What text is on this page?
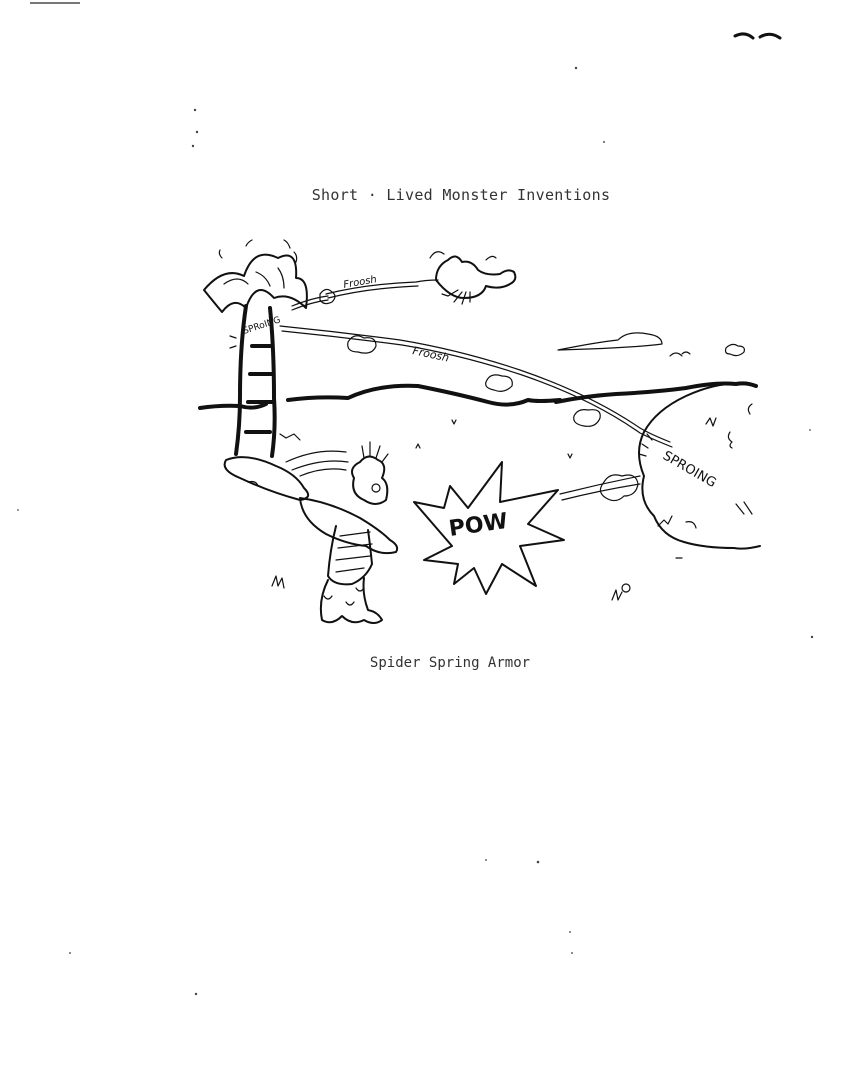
Short · Lived Monster Inventions
SPROING
SPRoING
Froosh
Froosh
POW
Spider Spring Armor
